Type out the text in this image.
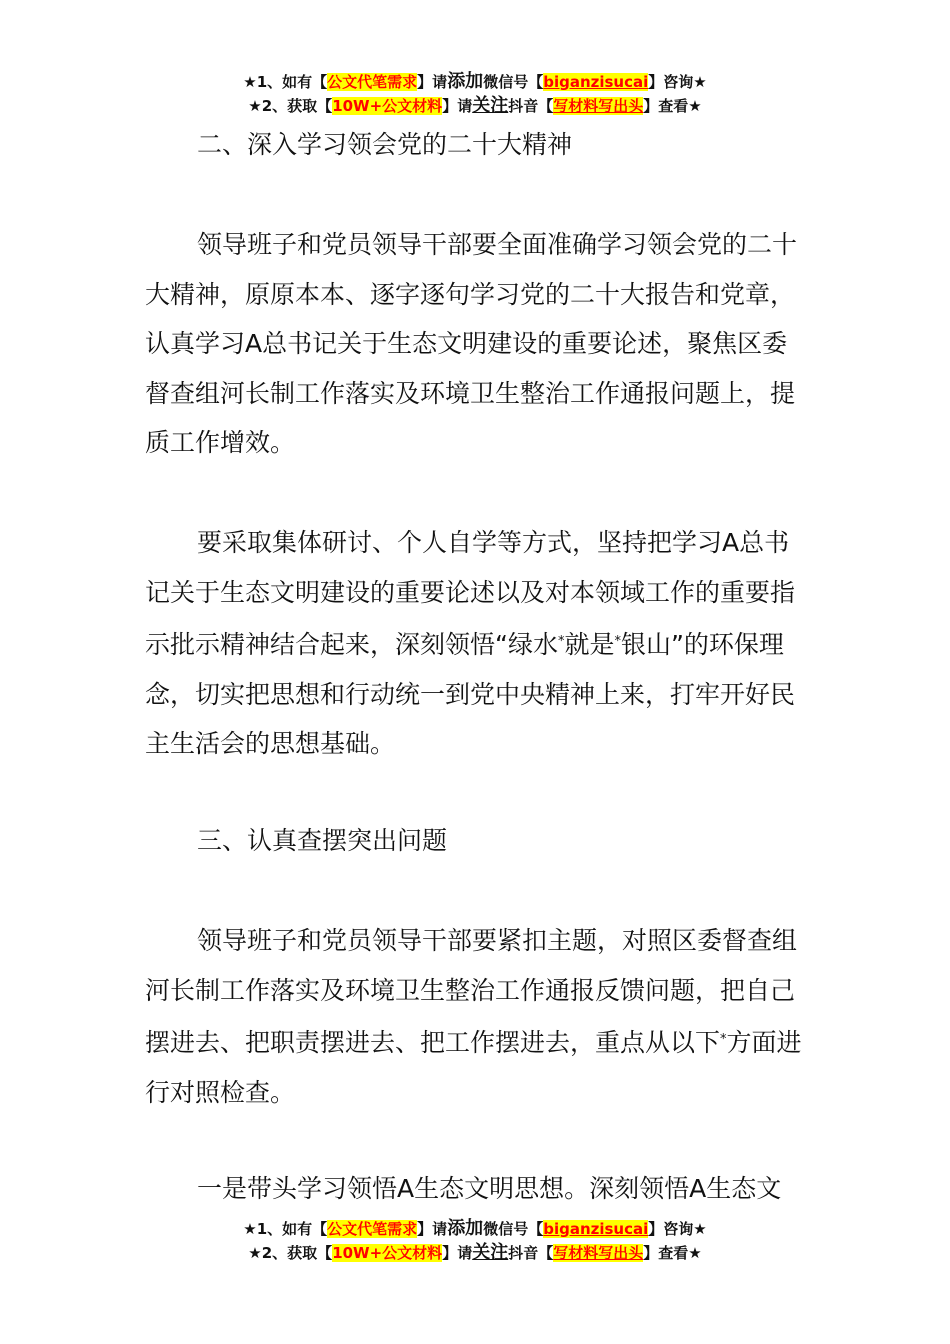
★1、如有【公文代笔需求】请添加微信号【biganzisucai】咨询★
★2、获取【10W+公文材料】请关注抖音【写材料写出头】查看★

二、深入学习领会党的二十大精神

领导班子和党员领导干部要全面准确学习领会党的二十大精神，原原本本、逐字逐句学习党的二十大报告和党章，认真学习A总书记关于生态文明建设的重要论述，聚焦区委督查组河长制工作落实及环境卫生整治工作通报问题上，提质工作增效。

要采取集体研讨、个人自学等方式，坚持把学习A总书记关于生态文明建设的重要论述以及对本领域工作的重要指示批示精神结合起来，深刻领悟“绿水*就是*银山”的环保理念，切实把思想和行动统一到党中央精神上来，打牢开好民主生活会的思想基础。

三、认真查摆突出问题

领导班子和党员领导干部要紧扣主题，对照区委督查组河长制工作落实及环境卫生整治工作通报反馈问题，把自己摆进去、把职责摆进去、把工作摆进去，重点从以下*方面进行对照检查。

一是带头学习领悟A生态文明思想。深刻领悟A生态文

★1、如有【公文代笔需求】请添加微信号【biganzisucai】咨询★
★2、获取【10W+公文材料】请关注抖音【写材料写出头】查看★
